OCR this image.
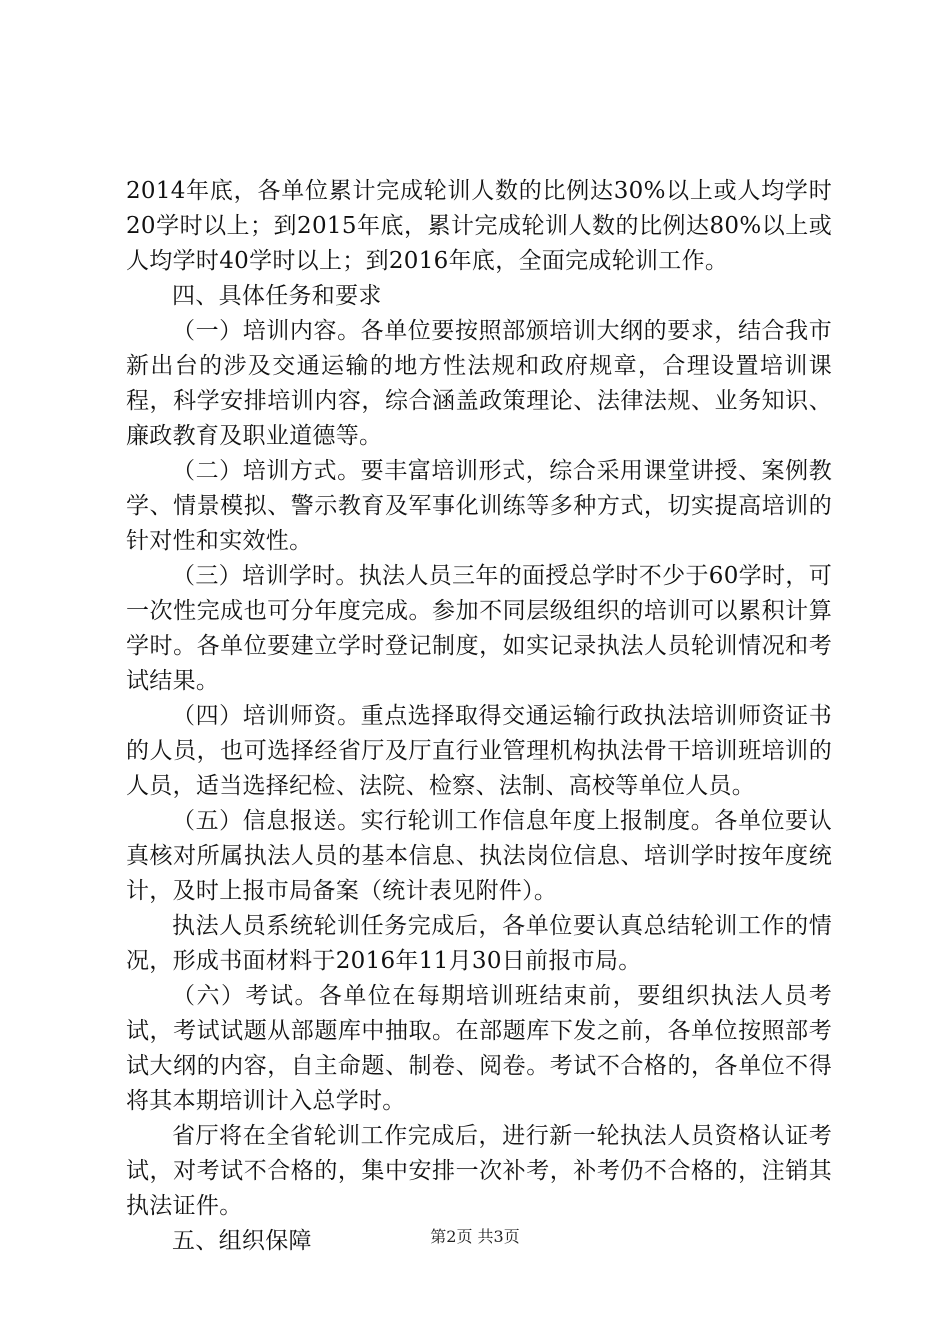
2014年底，各单位累计完成轮训人数的比例达30%以上或人均学时20学时以上；到2015年底，累计完成轮训人数的比例达80%以上或人均学时40学时以上；到2016年底，全面完成轮训工作。

四、具体任务和要求

（一）培训内容。各单位要按照部颁培训大纲的要求，结合我市新出台的涉及交通运输的地方性法规和政府规章，合理设置培训课程，科学安排培训内容，综合涵盖政策理论、法律法规、业务知识、廉政教育及职业道德等。

（二）培训方式。要丰富培训形式，综合采用课堂讲授、案例教学、情景模拟、警示教育及军事化训练等多种方式，切实提高培训的针对性和实效性。

（三）培训学时。执法人员三年的面授总学时不少于60学时，可一次性完成也可分年度完成。参加不同层级组织的培训可以累积计算学时。各单位要建立学时登记制度，如实记录执法人员轮训情况和考试结果。

（四）培训师资。重点选择取得交通运输行政执法培训师资证书的人员，也可选择经省厅及厅直行业管理机构执法骨干培训班培训的人员，适当选择纪检、法院、检察、法制、高校等单位人员。

（五）信息报送。实行轮训工作信息年度上报制度。各单位要认真核对所属执法人员的基本信息、执法岗位信息、培训学时按年度统计，及时上报市局备案（统计表见附件）。

执法人员系统轮训任务完成后，各单位要认真总结轮训工作的情况，形成书面材料于2016年11月30日前报市局。

（六）考试。各单位在每期培训班结束前，要组织执法人员考试，考试试题从部题库中抽取。在部题库下发之前，各单位按照部考试大纲的内容，自主命题、制卷、阅卷。考试不合格的，各单位不得将其本期培训计入总学时。

省厅将在全省轮训工作完成后，进行新一轮执法人员资格认证考试，对考试不合格的，集中安排一次补考，补考仍不合格的，注销其执法证件。

五、组织保障	第2页 共3页
